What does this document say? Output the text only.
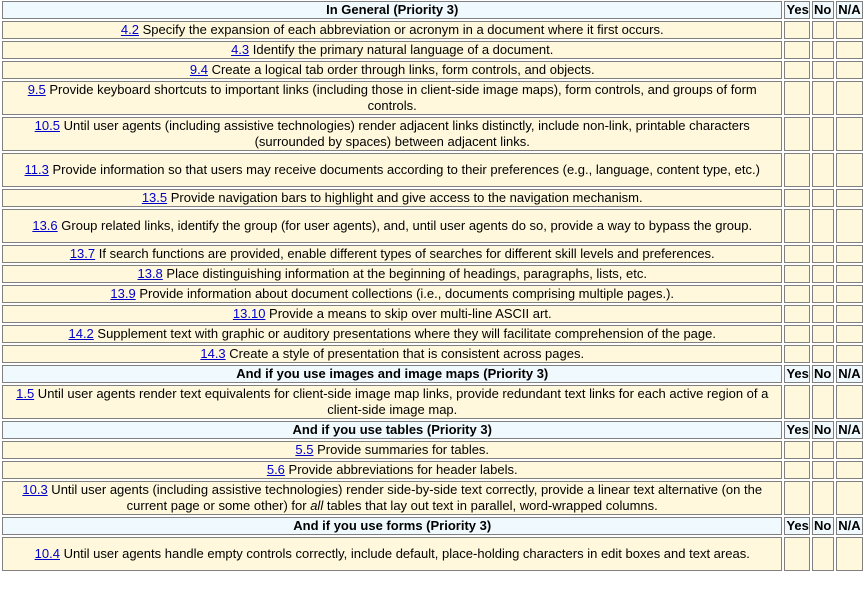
In General (Priority 3)	Yes	No	N/A
4.2 Specify the expansion of each abbreviation or acronym in a document where it first occurs.			
4.3 Identify the primary natural language of a document.			
9.4 Create a logical tab order through links, form controls, and objects.			
9.5 Provide keyboard shortcuts to important links (including those in client-side image maps), form controls, and groups of form controls.			
10.5 Until user agents (including assistive technologies) render adjacent links distinctly, include non-link, printable characters (surrounded by spaces) between adjacent links.			
11.3 Provide information so that users may receive documents according to their preferences (e.g., language, content type, etc.)			
13.5 Provide navigation bars to highlight and give access to the navigation mechanism.			
13.6 Group related links, identify the group (for user agents), and, until user agents do so, provide a way to bypass the group.			
13.7 If search functions are provided, enable different types of searches for different skill levels and preferences.			
13.8 Place distinguishing information at the beginning of headings, paragraphs, lists, etc.			
13.9 Provide information about document collections (i.e., documents comprising multiple pages.).			
13.10 Provide a means to skip over multi-line ASCII art.			
14.2 Supplement text with graphic or auditory presentations where they will facilitate comprehension of the page.			
14.3 Create a style of presentation that is consistent across pages.			
And if you use images and image maps (Priority 3)	Yes	No	N/A
1.5 Until user agents render text equivalents for client-side image map links, provide redundant text links for each active region of a client-side image map.			
And if you use tables (Priority 3)	Yes	No	N/A
5.5 Provide summaries for tables.			
5.6 Provide abbreviations for header labels.			
10.3 Until user agents (including assistive technologies) render side-by-side text correctly, provide a linear text alternative (on the current page or some other) for all tables that lay out text in parallel, word-wrapped columns.			
And if you use forms (Priority 3)	Yes	No	N/A
10.4 Until user agents handle empty controls correctly, include default, place-holding characters in edit boxes and text areas.			
